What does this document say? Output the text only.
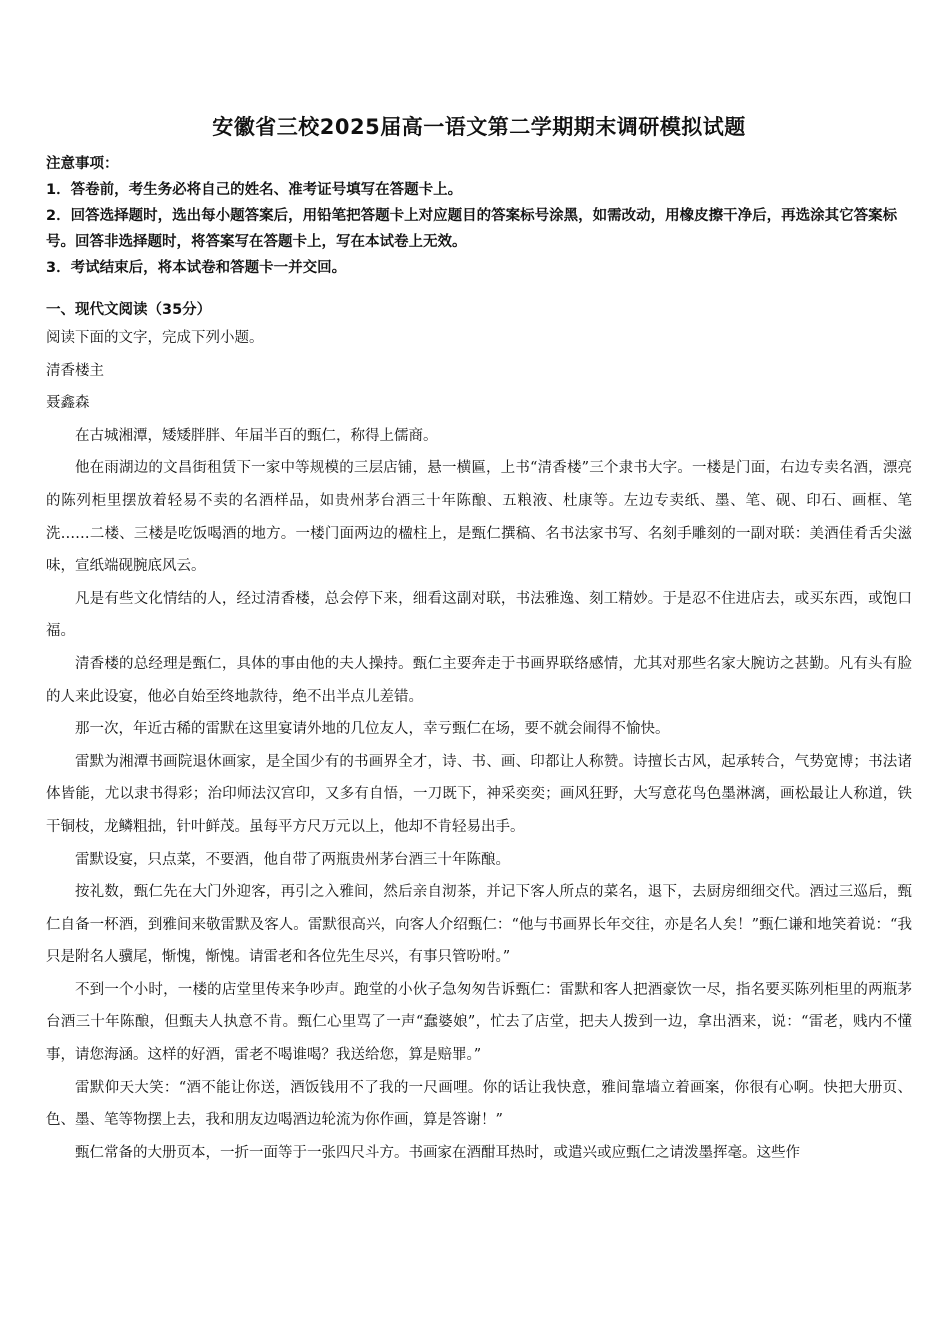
安徽省三校2025届高一语文第二学期期末调研模拟试题

注意事项：

1．答卷前，考生务必将自己的姓名、准考证号填写在答题卡上。

2．回答选择题时，选出每小题答案后，用铅笔把答题卡上对应题目的答案标号涂黑，如需改动，用橡皮擦干净后，再选涂其它答案标号。回答非选择题时，将答案写在答题卡上，写在本试卷上无效。

3．考试结束后，将本试卷和答题卡一并交回。

一、现代文阅读（35分）

阅读下面的文字，完成下列小题。

清香楼主

聂鑫森

在古城湘潭，矮矮胖胖、年届半百的甄仁，称得上儒商。

他在雨湖边的文昌街租赁下一家中等规模的三层店铺，悬一横匾，上书“清香楼”三个隶书大字。一楼是门面，右边专卖名酒，漂亮的陈列柜里摆放着轻易不卖的名酒样品，如贵州茅台酒三十年陈酿、五粮液、杜康等。左边专卖纸、墨、笔、砚、印石、画框、笔洗……二楼、三楼是吃饭喝酒的地方。一楼门面两边的楹柱上，是甄仁撰稿、名书法家书写、名刻手雕刻的一副对联：美酒佳肴舌尖滋味，宣纸端砚腕底风云。

凡是有些文化情结的人，经过清香楼，总会停下来，细看这副对联，书法雅逸、刻工精妙。于是忍不住进店去，或买东西，或饱口福。

清香楼的总经理是甄仁，具体的事由他的夫人操持。甄仁主要奔走于书画界联络感情，尤其对那些名家大腕访之甚勤。凡有头有脸的人来此设宴，他必自始至终地款待，绝不出半点儿差错。

那一次，年近古稀的雷默在这里宴请外地的几位友人，幸亏甄仁在场，要不就会闹得不愉快。

雷默为湘潭书画院退休画家，是全国少有的书画界全才，诗、书、画、印都让人称赞。诗擅长古风，起承转合，气势宽博；书法诸体皆能，尤以隶书得彩；治印师法汉宫印，又多有自悟，一刀既下，神采奕奕；画风狂野，大写意花鸟色墨淋漓，画松最让人称道，铁干铜枝，龙鳞粗拙，针叶鲜茂。虽每平方尺万元以上，他却不肯轻易出手。

雷默设宴，只点菜，不要酒，他自带了两瓶贵州茅台酒三十年陈酿。

按礼数，甄仁先在大门外迎客，再引之入雅间，然后亲自沏茶，并记下客人所点的菜名，退下，去厨房细细交代。酒过三巡后，甄仁自备一杯酒，到雅间来敬雷默及客人。雷默很高兴，向客人介绍甄仁：“他与书画界长年交往，亦是名人矣！”甄仁谦和地笑着说：“我只是附名人骥尾，惭愧，惭愧。请雷老和各位先生尽兴，有事只管吩咐。”

不到一个小时，一楼的店堂里传来争吵声。跑堂的小伙子急匆匆告诉甄仁：雷默和客人把酒豪饮一尽，指名要买陈列柜里的两瓶茅台酒三十年陈酿，但甄夫人执意不肯。甄仁心里骂了一声“蠢婆娘”，忙去了店堂，把夫人拨到一边，拿出酒来，说：“雷老，贱内不懂事，请您海涵。这样的好酒，雷老不喝谁喝？我送给您，算是赔罪。”

雷默仰天大笑：“酒不能让你送，酒饭钱用不了我的一尺画哩。你的话让我快意，雅间靠墙立着画案，你很有心啊。快把大册页、色、墨、笔等物摆上去，我和朋友边喝酒边轮流为你作画，算是答谢！”

甄仁常备的大册页本，一折一面等于一张四尺斗方。书画家在酒酣耳热时，或遣兴或应甄仁之请泼墨挥毫。这些作
